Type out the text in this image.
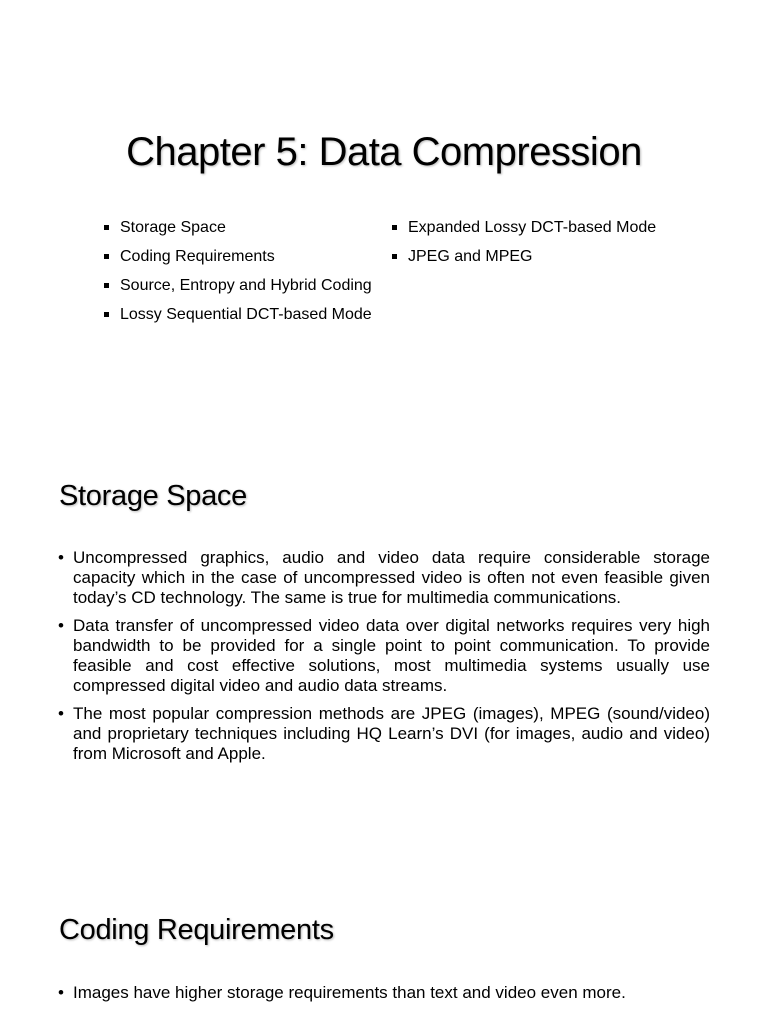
Chapter 5: Data Compression
Storage Space
Coding Requirements
Source, Entropy and Hybrid Coding
Lossy Sequential DCT-based Mode
Expanded Lossy DCT-based Mode
JPEG and MPEG
Storage Space
• Uncompressed graphics, audio and video data require considerable storage capacity which in the case of uncompressed video is often not even feasible given today’s CD technology. The same is true for multimedia communications.
• Data transfer of uncompressed video data over digital networks requires very high bandwidth to be provided for a single point to point communication. To provide feasible and cost effective solutions, most multimedia systems usually use compressed digital video and audio data streams.
• The most popular compression methods are JPEG (images), MPEG (sound/video) and proprietary techniques including HQ Learn’s DVI (for images, audio and video) from Microsoft and Apple.
Coding Requirements
• Images have higher storage requirements than text and video even more.
